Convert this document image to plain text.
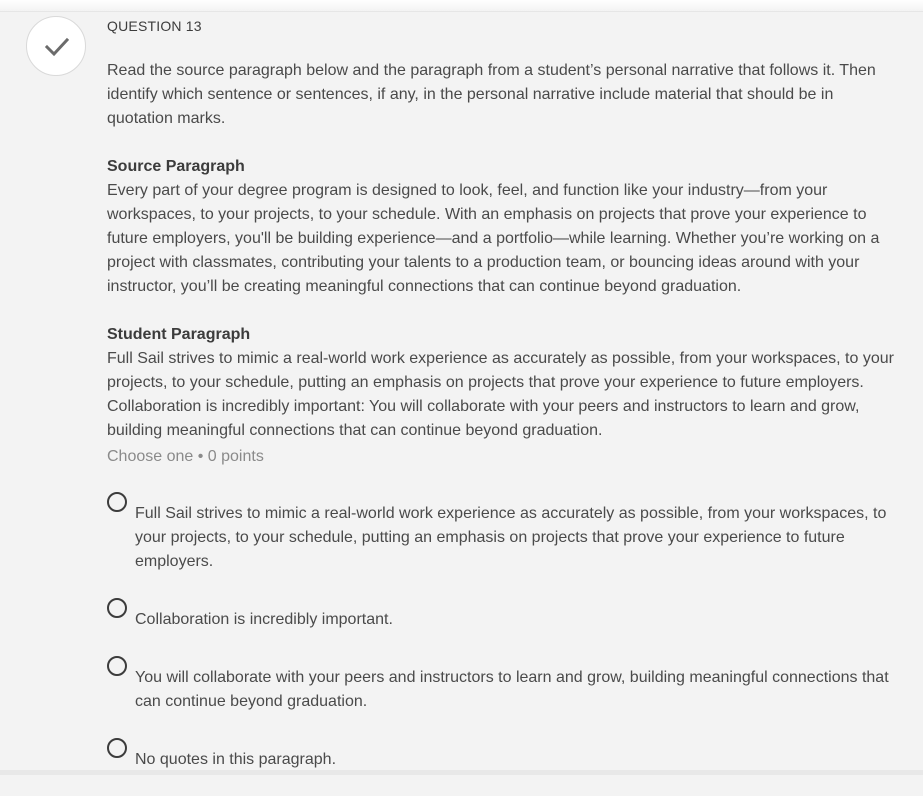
QUESTION 13

Read the source paragraph below and the paragraph from a student’s personal narrative that follows it. Then identify which sentence or sentences, if any, in the personal narrative include material that should be in quotation marks.

Source Paragraph

Every part of your degree program is designed to look, feel, and function like your industry—from your workspaces, to your projects, to your schedule. With an emphasis on projects that prove your experience to future employers, you'll be building experience—and a portfolio—while learning. Whether you’re working on a project with classmates, contributing your talents to a production team, or bouncing ideas around with your instructor, you’ll be creating meaningful connections that can continue beyond graduation.

Student Paragraph

Full Sail strives to mimic a real-world work experience as accurately as possible, from your workspaces, to your projects, to your schedule, putting an emphasis on projects that prove your experience to future employers. Collaboration is incredibly important: You will collaborate with your peers and instructors to learn and grow, building meaningful connections that can continue beyond graduation.

Choose one • 0 points
Full Sail strives to mimic a real-world work experience as accurately as possible, from your workspaces, to your projects, to your schedule, putting an emphasis on projects that prove your experience to future employers.
Collaboration is incredibly important.
You will collaborate with your peers and instructors to learn and grow, building meaningful connections that can continue beyond graduation.
No quotes in this paragraph.
